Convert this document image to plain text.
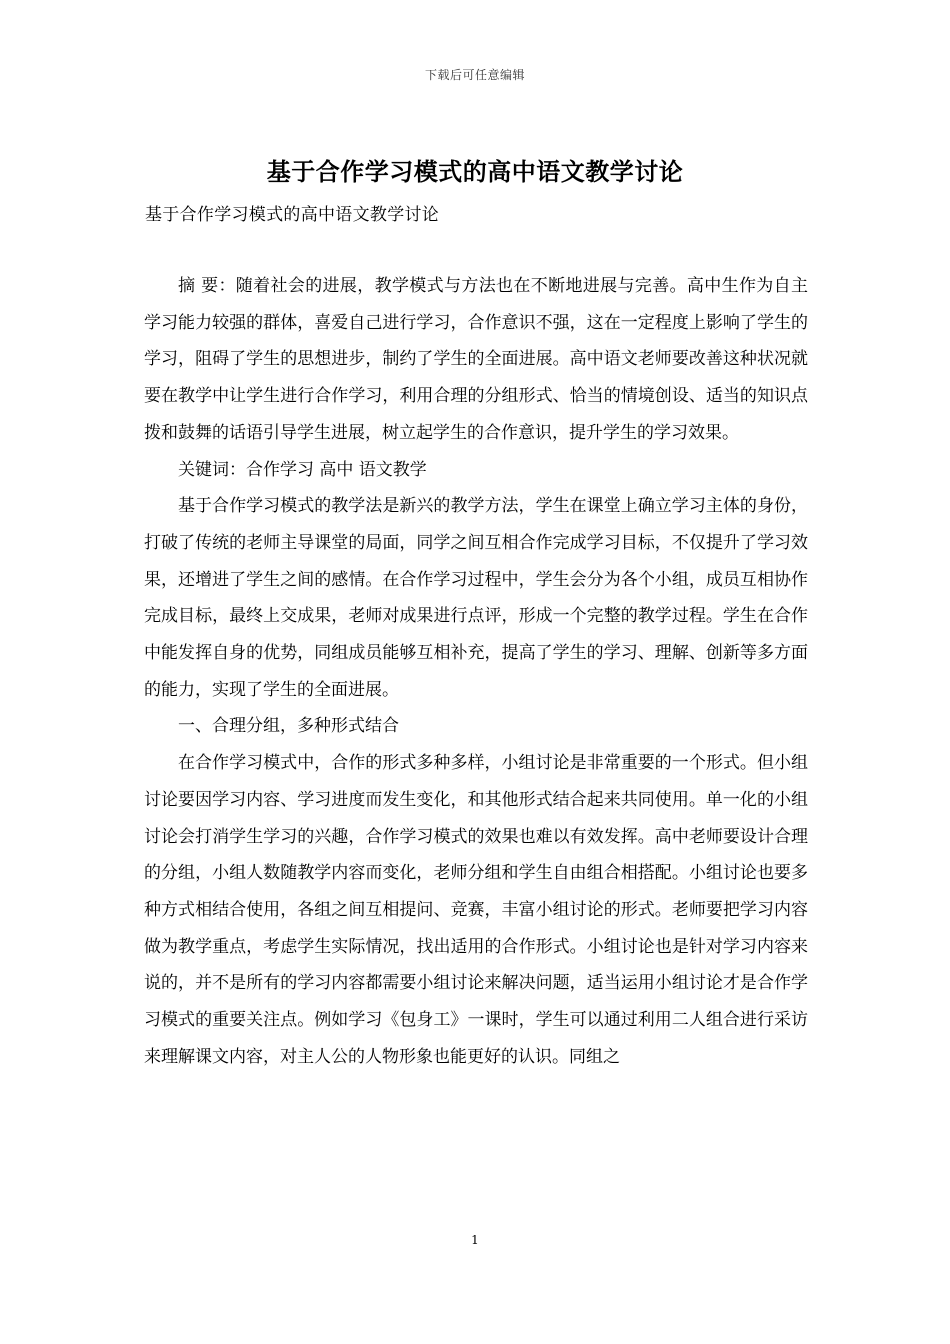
下载后可任意编辑
基于合作学习模式的高中语文教学讨论
基于合作学习模式的高中语文教学讨论

摘 要：随着社会的进展，教学模式与方法也在不断地进展与完善。高中生作为自主学习能力较强的群体，喜爱自己进行学习，合作意识不强，这在一定程度上影响了学生的学习，阻碍了学生的思想进步，制约了学生的全面进展。高中语文老师要改善这种状况就要在教学中让学生进行合作学习，利用合理的分组形式、恰当的情境创设、适当的知识点拨和鼓舞的话语引导学生进展，树立起学生的合作意识，提升学生的学习效果。

关键词：合作学习 高中 语文教学

基于合作学习模式的教学法是新兴的教学方法，学生在课堂上确立学习主体的身份，打破了传统的老师主导课堂的局面，同学之间互相合作完成学习目标，不仅提升了学习效果，还增进了学生之间的感情。在合作学习过程中，学生会分为各个小组，成员互相协作完成目标，最终上交成果，老师对成果进行点评，形成一个完整的教学过程。学生在合作中能发挥自身的优势，同组成员能够互相补充，提高了学生的学习、理解、创新等多方面的能力，实现了学生的全面进展。

一、合理分组，多种形式结合

在合作学习模式中，合作的形式多种多样，小组讨论是非常重要的一个形式。但小组讨论要因学习内容、学习进度而发生变化，和其他形式结合起来共同使用。单一化的小组讨论会打消学生学习的兴趣，合作学习模式的效果也难以有效发挥。高中老师要设计合理的分组，小组人数随教学内容而变化，老师分组和学生自由组合相搭配。小组讨论也要多种方式相结合使用，各组之间互相提问、竞赛，丰富小组讨论的形式。老师要把学习内容做为教学重点，考虑学生实际情况，找出适用的合作形式。小组讨论也是针对学习内容来说的，并不是所有的学习内容都需要小组讨论来解决问题，适当运用小组讨论才是合作学习模式的重要关注点。例如学习《包身工》一课时，学生可以通过利用二人组合进行采访来理解课文内容，对主人公的人物形象也能更好的认识。同组之

1
